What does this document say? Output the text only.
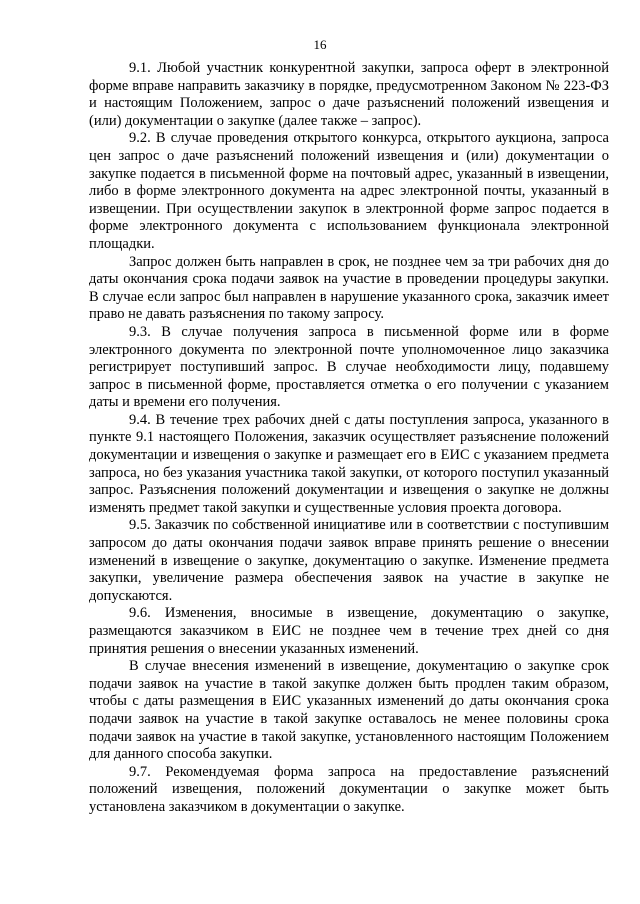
16

9.1. Любой участник конкурентной закупки, запроса оферт в электронной форме вправе направить заказчику в порядке, предусмотренном Законом № 223-ФЗ и настоящим Положением, запрос о даче разъяснений положений извещения и (или) документации о закупке (далее также – запрос).

9.2. В случае проведения открытого конкурса, открытого аукциона, запроса цен запрос о даче разъяснений положений извещения и (или) документации о закупке подается в письменной форме на почтовый адрес, указанный в извещении, либо в форме электронного документа на адрес электронной почты, указанный в извещении. При осуществлении закупок в электронной форме запрос подается в форме электронного документа с использованием функционала электронной площадки.

Запрос должен быть направлен в срок, не позднее чем за три рабочих дня до даты окончания срока подачи заявок на участие в проведении процедуры закупки. В случае если запрос был направлен в нарушение указанного срока, заказчик имеет право не давать разъяснения по такому запросу.

9.3. В случае получения запроса в письменной форме или в форме электронного документа по электронной почте уполномоченное лицо заказчика регистрирует поступивший запрос. В случае необходимости лицу, подавшему запрос в письменной форме, проставляется отметка о его получении с указанием даты и времени его получения.

9.4. В течение трех рабочих дней с даты поступления запроса, указанного в пункте 9.1 настоящего Положения, заказчик осуществляет разъяснение положений документации и извещения о закупке и размещает его в ЕИС с указанием предмета запроса, но без указания участника такой закупки, от которого поступил указанный запрос. Разъяснения положений документации и извещения о закупке не должны изменять предмет такой закупки и существенные условия проекта договора.

9.5. Заказчик по собственной инициативе или в соответствии с поступившим запросом до даты окончания подачи заявок вправе принять решение о внесении изменений в извещение о закупке, документацию о закупке. Изменение предмета закупки, увеличение размера обеспечения заявок на участие в закупке не допускаются.

9.6. Изменения, вносимые в извещение, документацию о закупке, размещаются заказчиком в ЕИС не позднее чем в течение трех дней со дня принятия решения о внесении указанных изменений.

В случае внесения изменений в извещение, документацию о закупке срок подачи заявок на участие в такой закупке должен быть продлен таким образом, чтобы с даты размещения в ЕИС указанных изменений до даты окончания срока подачи заявок на участие в такой закупке оставалось не менее половины срока подачи заявок на участие в такой закупке, установленного настоящим Положением для данного способа закупки.

9.7. Рекомендуемая форма запроса на предоставление разъяснений положений извещения, положений документации о закупке может быть установлена заказчиком в документации о закупке.
